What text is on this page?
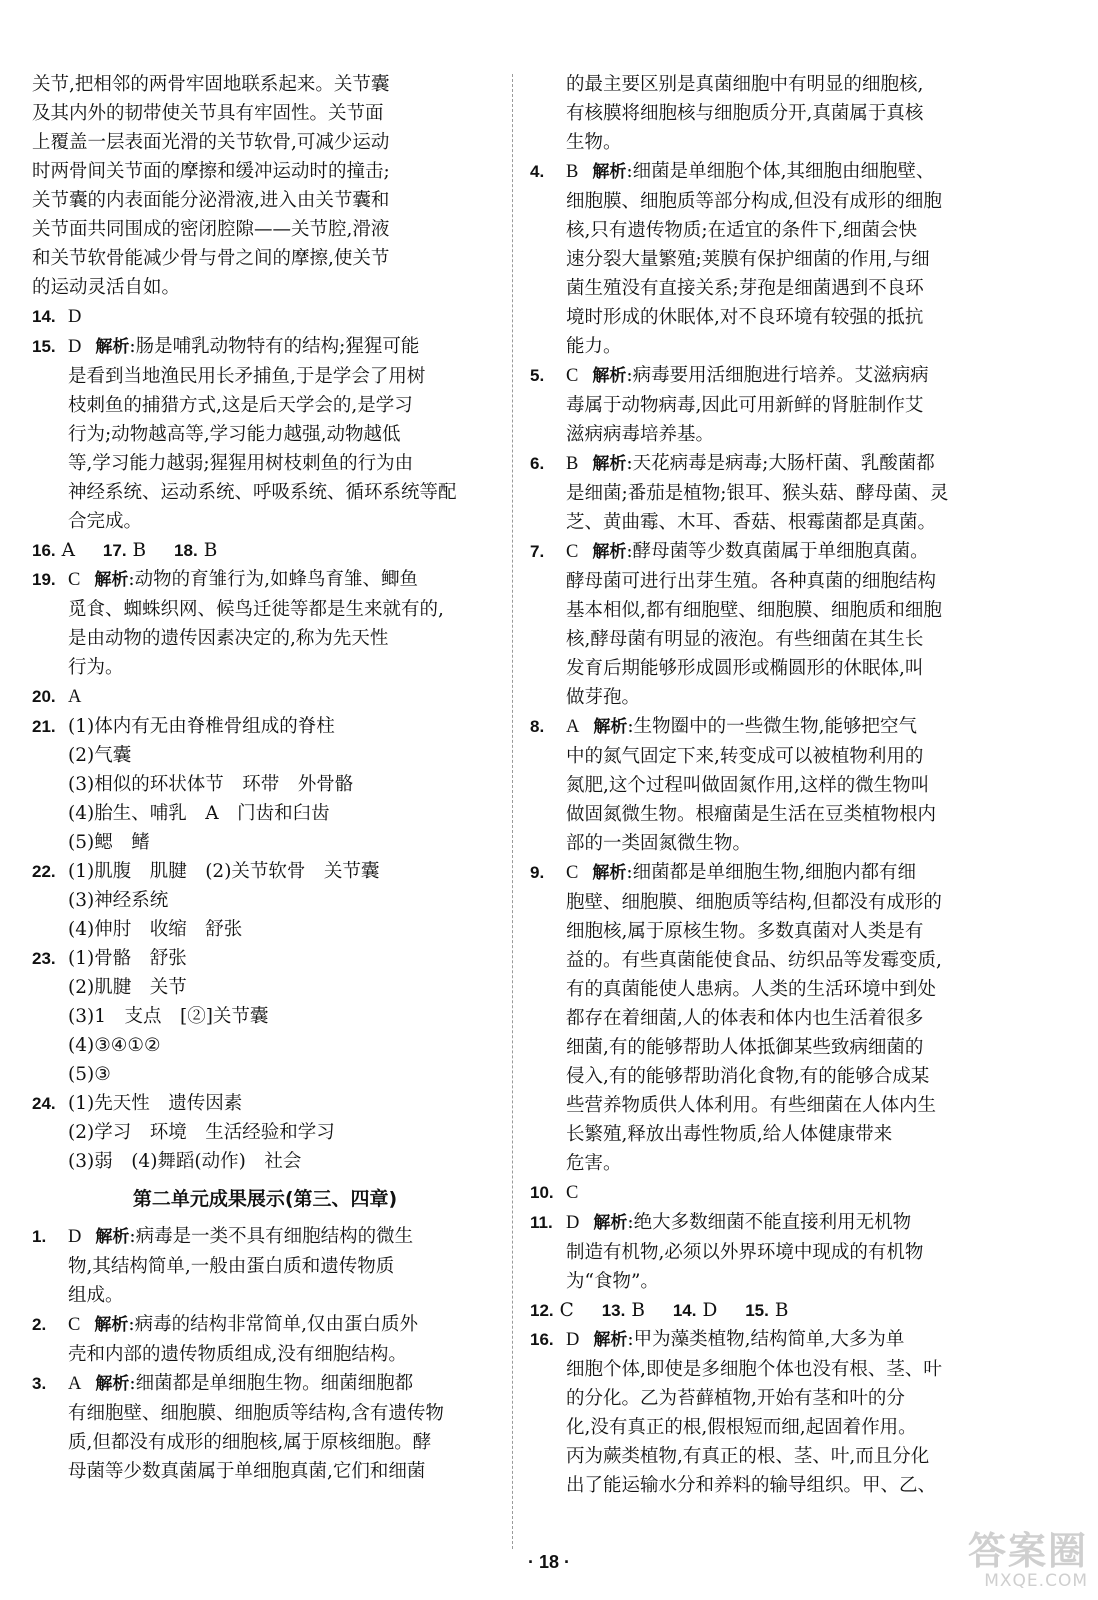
关节,把相邻的两骨牢固地联系起来。关节囊
及其内外的韧带使关节具有牢固性。关节面
上覆盖一层表面光滑的关节软骨,可减少运动
时两骨间关节面的摩擦和缓冲运动时的撞击;
关节囊的内表面能分泌滑液,进入由关节囊和
关节面共同围成的密闭腔隙——关节腔,滑液
和关节软骨能减少骨与骨之间的摩擦,使关节
的运动灵活自如。
14. D
15. D 解析:肠是哺乳动物特有的结构;猩猩可能
是看到当地渔民用长矛捕鱼,于是学会了用树
枝刺鱼的捕猎方式,这是后天学会的,是学习
行为;动物越高等,学习能力越强,动物越低
等,学习能力越弱;猩猩用树枝刺鱼的行为由
神经系统、运动系统、呼吸系统、循环系统等配
合完成。
16. A 17. B 18. B
19. C 解析:动物的育雏行为,如蜂鸟育雏、鲫鱼
觅食、蜘蛛织网、候鸟迁徙等都是生来就有的,
是由动物的遗传因素决定的,称为先天性
行为。
20. A
21. (1)体内有无由脊椎骨组成的脊柱
(2)气囊
(3)相似的环状体节　环带　外骨骼
(4)胎生、哺乳　A　门齿和臼齿
(5)鳃　鳍
22. (1)肌腹　肌腱　(2)关节软骨　关节囊
(3)神经系统
(4)伸肘　收缩　舒张
23. (1)骨骼　舒张
(2)肌腱　关节
(3)1　支点　[②]关节囊
(4)③④①②
(5)③
24. (1)先天性　遗传因素
(2)学习　环境　生活经验和学习
(3)弱　(4)舞蹈(动作)　社会
第二单元成果展示(第三、四章)
1.	D 解析:病毒是一类不具有细胞结构的微生
物,其结构简单,一般由蛋白质和遗传物质
组成。
2.	C 解析:病毒的结构非常简单,仅由蛋白质外
壳和内部的遗传物质组成,没有细胞结构。
3.	A 解析:细菌都是单细胞生物。细菌细胞都
有细胞壁、细胞膜、细胞质等结构,含有遗传物
质,但都没有成形的细胞核,属于原核细胞。酵
母菌等少数真菌属于单细胞真菌,它们和细菌
的最主要区别是真菌细胞中有明显的细胞核,
有核膜将细胞核与细胞质分开,真菌属于真核
生物。
4.	B 解析:细菌是单细胞个体,其细胞由细胞壁、
细胞膜、细胞质等部分构成,但没有成形的细胞
核,只有遗传物质;在适宜的条件下,细菌会快
速分裂大量繁殖;荚膜有保护细菌的作用,与细
菌生殖没有直接关系;芽孢是细菌遇到不良环
境时形成的休眠体,对不良环境有较强的抵抗
能力。
5.	C 解析:病毒要用活细胞进行培养。艾滋病病
毒属于动物病毒,因此可用新鲜的肾脏制作艾
滋病病毒培养基。
6.	B 解析:天花病毒是病毒;大肠杆菌、乳酸菌都
是细菌;番茄是植物;银耳、猴头菇、酵母菌、灵
芝、黄曲霉、木耳、香菇、根霉菌都是真菌。
7.	C 解析:酵母菌等少数真菌属于单细胞真菌。
酵母菌可进行出芽生殖。各种真菌的细胞结构
基本相似,都有细胞壁、细胞膜、细胞质和细胞
核,酵母菌有明显的液泡。有些细菌在其生长
发育后期能够形成圆形或椭圆形的休眠体,叫
做芽孢。
8.	A 解析:生物圈中的一些微生物,能够把空气
中的氮气固定下来,转变成可以被植物利用的
氮肥,这个过程叫做固氮作用,这样的微生物叫
做固氮微生物。根瘤菌是生活在豆类植物根内
部的一类固氮微生物。
9.	C 解析:细菌都是单细胞生物,细胞内都有细
胞壁、细胞膜、细胞质等结构,但都没有成形的
细胞核,属于原核生物。多数真菌对人类是有
益的。有些真菌能使食品、纺织品等发霉变质,
有的真菌能使人患病。人类的生活环境中到处
都存在着细菌,人的体表和体内也生活着很多
细菌,有的能够帮助人体抵御某些致病细菌的
侵入,有的能够帮助消化食物,有的能够合成某
些营养物质供人体利用。有些细菌在人体内生
长繁殖,释放出毒性物质,给人体健康带来
危害。
10. C
11. D 解析:绝大多数细菌不能直接利用无机物
制造有机物,必须以外界环境中现成的有机物
为“食物”。
12. C 13. B 14. D 15. B
16. D 解析:甲为藻类植物,结构简单,大多为单
细胞个体,即使是多细胞个体也没有根、茎、叶
的分化。乙为苔藓植物,开始有茎和叶的分
化,没有真正的根,假根短而细,起固着作用。
丙为蕨类植物,有真正的根、茎、叶,而且分化
出了能运输水分和养料的输导组织。甲、乙、
· 18 ·	答案圈
MXQE.COM
